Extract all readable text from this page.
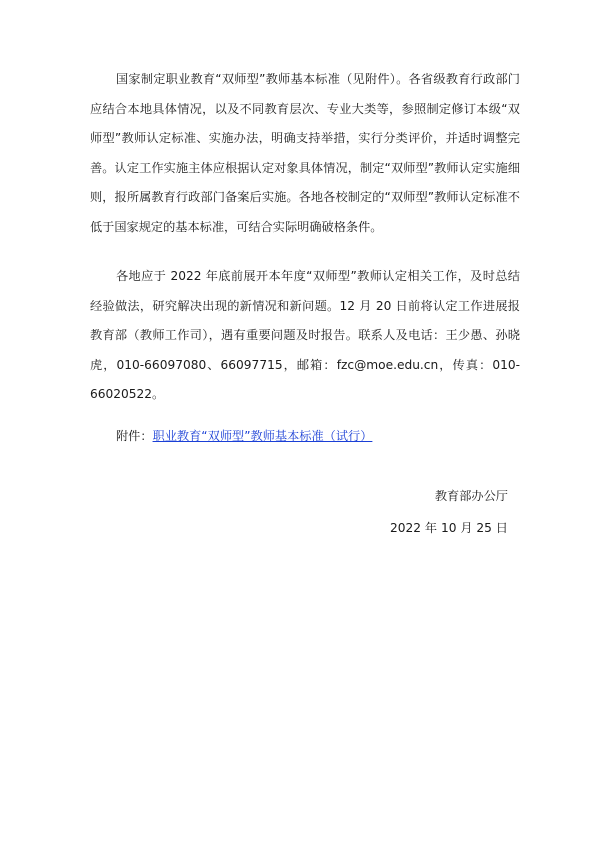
国家制定职业教育“双师型”教师基本标准（见附件）。各省级教育行政部门应结合本地具体情况，以及不同教育层次、专业大类等，参照制定修订本级“双师型”教师认定标准、实施办法，明确支持举措，实行分类评价，并适时调整完善。认定工作实施主体应根据认定对象具体情况，制定“双师型”教师认定实施细则，报所属教育行政部门备案后实施。各地各校制定的“双师型”教师认定标准不低于国家规定的基本标准，可结合实际明确破格条件。

各地应于 2022 年底前展开本年度“双师型”教师认定相关工作，及时总结经验做法，研究解决出现的新情况和新问题。12 月 20 日前将认定工作进展报教育部（教师工作司），遇有重要问题及时报告。联系人及电话：王少愚、孙晓虎，010-66097080、66097715，邮箱：fzc@moe.edu.cn，传真：010-66020522。

附件：职业教育“双师型”教师基本标准（试行）
教育部办公厅
2022 年 10 月 25 日
